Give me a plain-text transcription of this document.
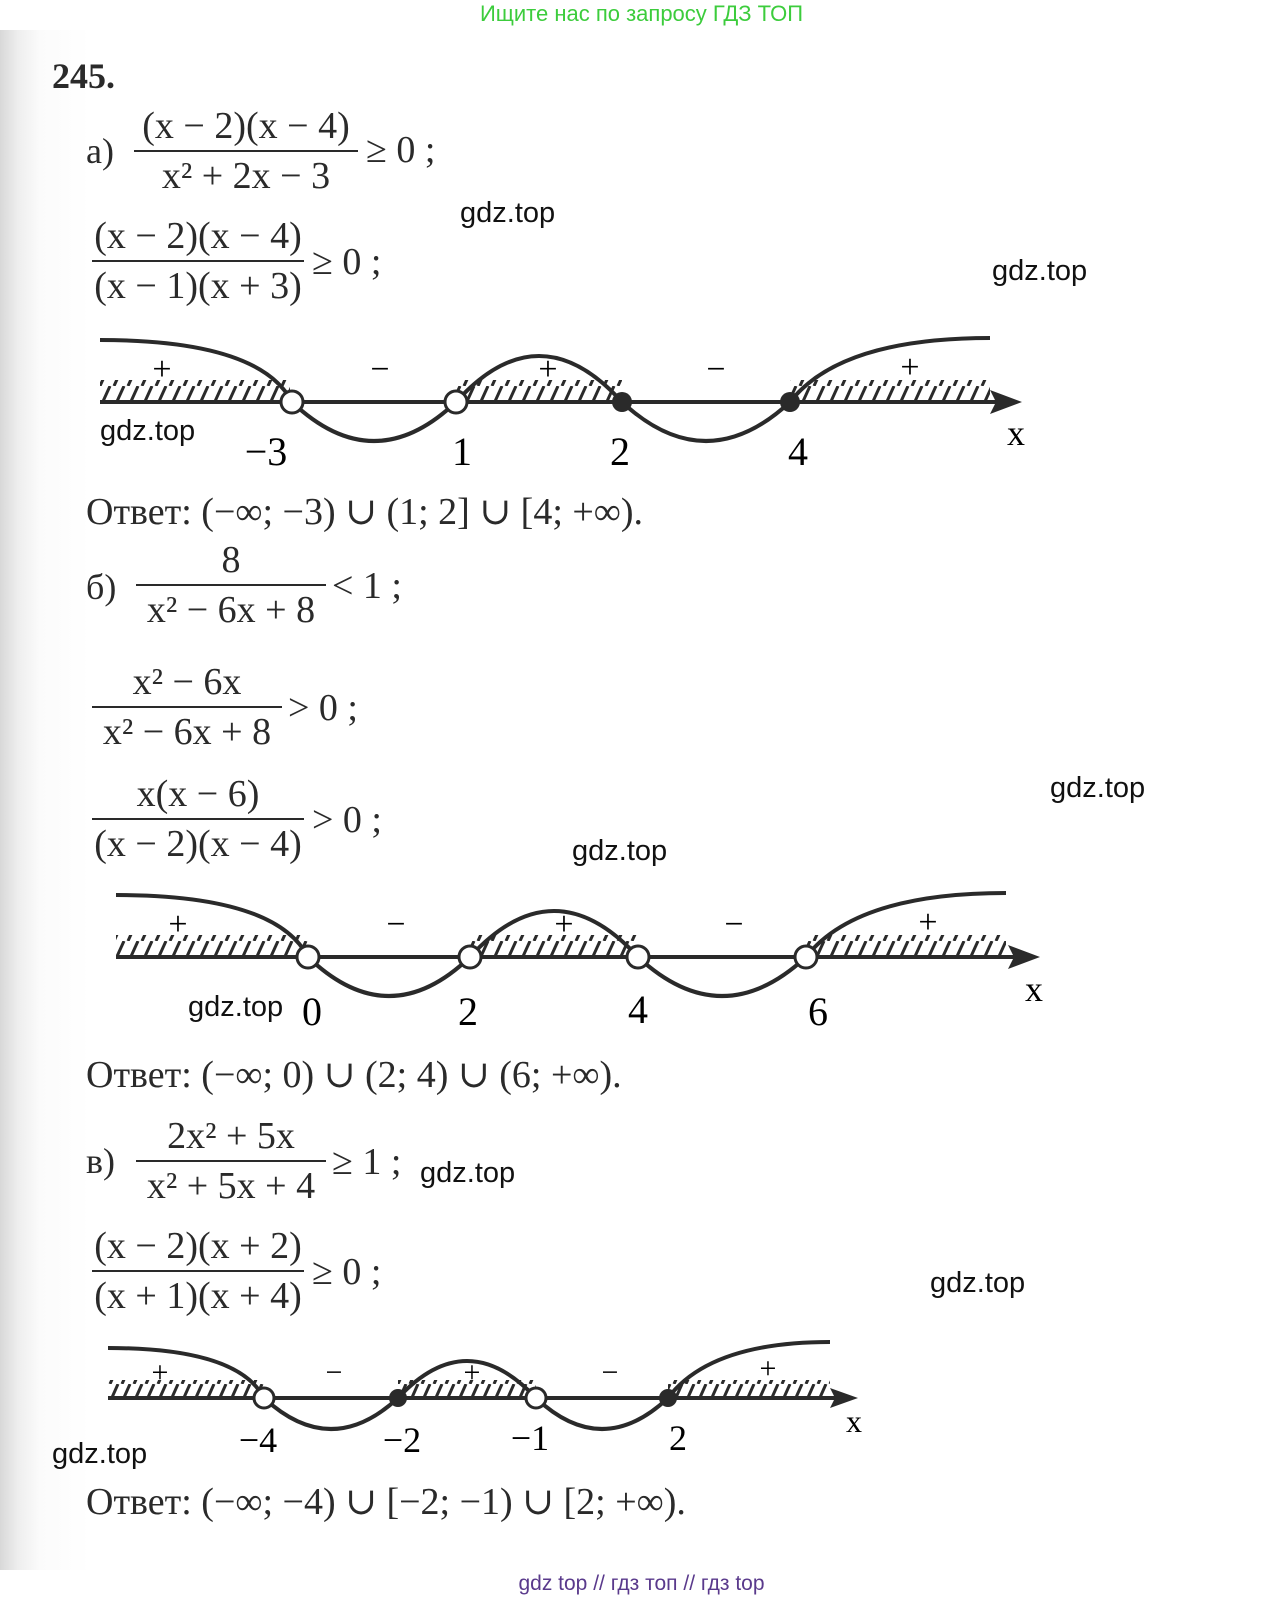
Ищите нас по запросу ГДЗ ТОП
245.
а)
(x − 2)(x − 4)
x² + 2x − 3
≥ 0 ;
(x − 2)(x − 4)
(x − 1)(x + 3)
≥ 0 ;
+	−	+	−	+
−3	1	2	4	x
Ответ: (−∞; −3) ∪ (1; 2] ∪ [4; +∞).
б)
8
x² − 6x + 8
< 1 ;
x² − 6x
x² − 6x + 8
> 0 ;
x(x − 6)
(x − 2)(x − 4)
> 0 ;
+	−	+	−	+
0	2	4	6	x
Ответ: (−∞; 0) ∪ (2; 4) ∪ (6; +∞).
в)
2x² + 5x
x² + 5x + 4
≥ 1 ;
(x − 2)(x + 2)
(x + 1)(x + 4)
≥ 0 ;
+	−	+	−	+
−4	−2 −1	2	x
Ответ: (−∞; −4) ∪ [−2; −1) ∪ [2; +∞).
gdz.top
gdz.top
gdz.top
gdz.top
gdz.top
gdz.top
gdz.top
gdz.top
gdz.top
gdz top // гдз топ // гдз top
